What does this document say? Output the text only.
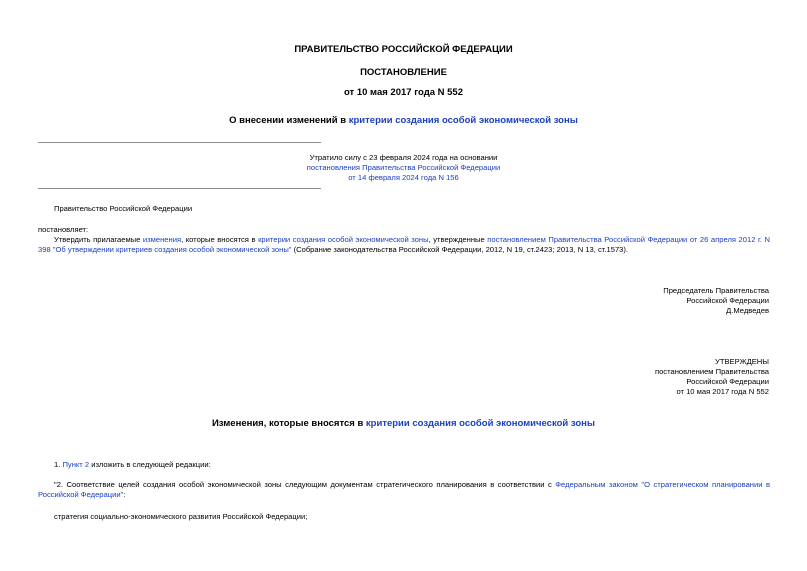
ПРАВИТЕЛЬСТВО РОССИЙСКОЙ ФЕДЕРАЦИИ
ПОСТАНОВЛЕНИЕ
от 10 мая 2017 года N 552
О внесении изменений в критерии создания особой экономической зоны
Утратило силу с 23 февраля 2024 года на основании
постановления Правительства Российской Федерации
от 14 февраля 2024 года N 156
Правительство Российской Федерации
постановляет:
Утвердить прилагаемые изменения, которые вносятся в критерии создания особой экономической зоны, утвержденные постановлением Правительства Российской Федерации от 26 апреля 2012 г. N 398 "Об утверждении критериев создания особой экономической зоны" (Собрание законодательства Российской Федерации, 2012, N 19, ст.2423; 2013, N 13, ст.1573).
Председатель Правительства
Российской Федерации
Д.Медведев
УТВЕРЖДЕНЫ
постановлением Правительства
Российской Федерации
от 10 мая 2017 года N 552
Изменения, которые вносятся в критерии создания особой экономической зоны
1. Пункт 2 изложить в следующей редакции:
"2. Соответствие целей создания особой экономической зоны следующим документам стратегического планирования в соответствии с Федеральным законом "О стратегическом планировании в Российской Федерации":
стратегия социально-экономического развития Российской Федерации;
